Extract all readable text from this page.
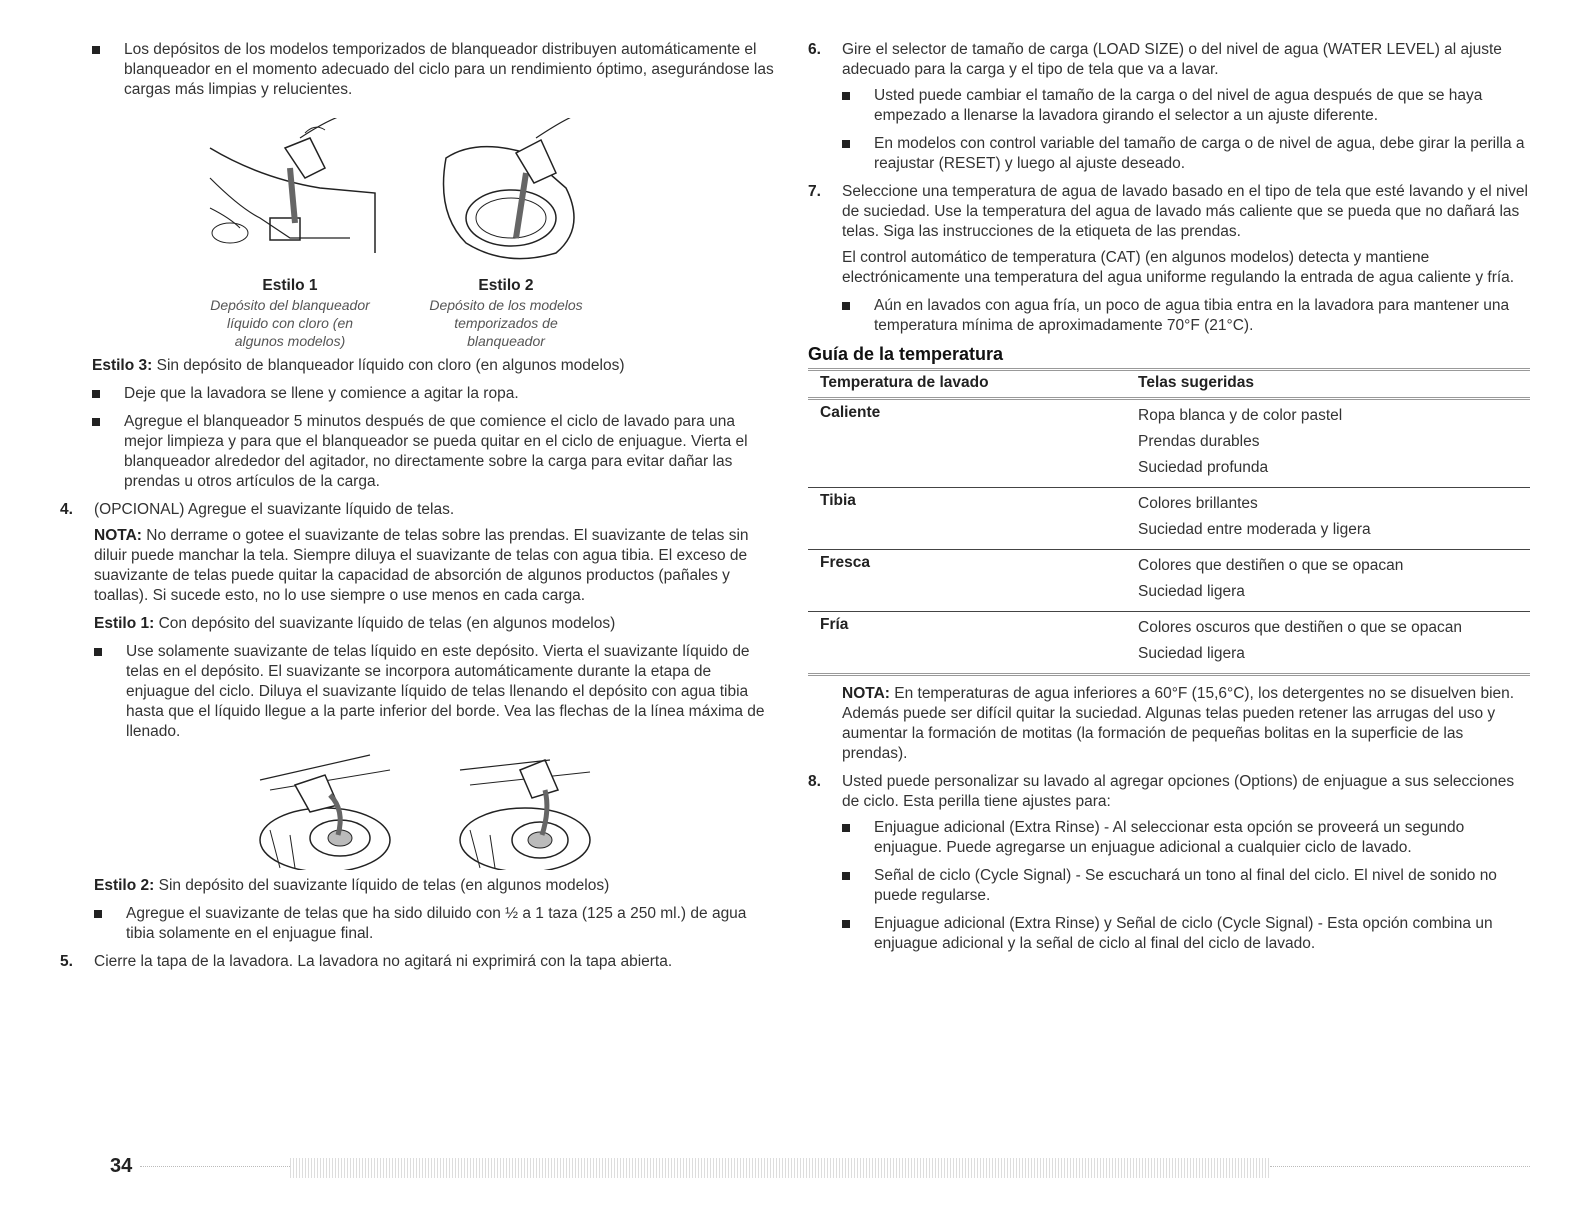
Los depósitos de los modelos temporizados de blanqueador distribuyen automáticamente el blanqueador en el momento adecuado del ciclo para un rendimiento óptimo, asegurándose las cargas más limpias y relucientes.
Estilo 1
Depósito del blanqueador líquido con cloro (en algunos modelos)
Estilo 2
Depósito de los modelos temporizados de blanqueador

Estilo 3: Sin depósito de blanqueador líquido con cloro (en algunos modelos)

Deje que la lavadora se llene y comience a agitar la ropa.
Agregue el blanqueador 5 minutos después de que comience el ciclo de lavado para una mejor limpieza y para que el blanqueador se pueda quitar en el ciclo de enjuague. Vierta el blanqueador alrededor del agitador, no directamente sobre la carga para evitar dañar las prendas u otros artículos de la carga.
4. (OPCIONAL) Agregue el suavizante líquido de telas.

NOTA: No derrame o gotee el suavizante de telas sobre las prendas. El suavizante de telas sin diluir puede manchar la tela. Siempre diluya el suavizante de telas con agua tibia. El exceso de suavizante de telas puede quitar la capacidad de absorción de algunos productos (pañales y toallas). Si sucede esto, no lo use siempre o use menos en cada carga.

Estilo 1: Con depósito del suavizante líquido de telas (en algunos modelos)

Use solamente suavizante de telas líquido en este depósito. Vierta el suavizante líquido de telas en el depósito. El suavizante se incorpora automáticamente durante la etapa de enjuague del ciclo. Diluya el suavizante líquido de telas llenando el depósito con agua tibia hasta que el líquido llegue a la parte inferior del borde. Vea las flechas de la línea máxima de llenado.

Estilo 2: Sin depósito del suavizante líquido de telas (en algunos modelos)

Agregue el suavizante de telas que ha sido diluido con ½ a 1 taza (125 a 250 ml.) de agua tibia solamente en el enjuague final.
5. Cierre la tapa de la lavadora. La lavadora no agitará ni exprimirá con la tapa abierta.
6. Gire el selector de tamaño de carga (LOAD SIZE) o del nivel de agua (WATER LEVEL) al ajuste adecuado para la carga y el tipo de tela que va a lavar.
Usted puede cambiar el tamaño de la carga o del nivel de agua después de que se haya empezado a llenarse la lavadora girando el selector a un ajuste diferente.
En modelos con control variable del tamaño de carga o de nivel de agua, debe girar la perilla a reajustar (RESET) y luego al ajuste deseado.
7. Seleccione una temperatura de agua de lavado basado en el tipo de tela que esté lavando y el nivel de suciedad. Use la temperatura del agua de lavado más caliente que se pueda que no dañará las telas. Siga las instrucciones de la etiqueta de las prendas.

El control automático de temperatura (CAT) (en algunos modelos) detecta y mantiene electrónicamente una temperatura del agua uniforme regulando la entrada de agua caliente y fría.

Aún en lavados con agua fría, un poco de agua tibia entra en la lavadora para mantener una temperatura mínima de aproximadamente 70°F (21°C).
Guía de la temperatura
Temperatura de lavado	Telas sugeridas
Caliente	Ropa blanca y de color pastel
Prendas durables
Suciedad profunda

Tibia	Colores brillantes
Suciedad entre moderada y ligera

Fresca	Colores que destiñen o que se opacan
Suciedad ligera

Fría	Colores oscuros que destiñen o que se opacan
Suciedad ligera

NOTA: En temperaturas de agua inferiores a 60°F (15,6°C), los detergentes no se disuelven bien. Además puede ser difícil quitar la suciedad. Algunas telas pueden retener las arrugas del uso y aumentar la formación de motitas (la formación de pequeñas bolitas en la superficie de las prendas).

8. Usted puede personalizar su lavado al agregar opciones (Options) de enjuague a sus selecciones de ciclo. Esta perilla tiene ajustes para:
Enjuague adicional (Extra Rinse) - Al seleccionar esta opción se proveerá un segundo enjuague. Puede agregarse un enjuague adicional a cualquier ciclo de lavado.
Señal de ciclo (Cycle Signal) - Se escuchará un tono al final del ciclo. El nivel de sonido no puede regularse.
Enjuague adicional (Extra Rinse) y Señal de ciclo (Cycle Signal) - Esta opción combina un enjuague adicional y la señal de ciclo al final del ciclo de lavado.
34
